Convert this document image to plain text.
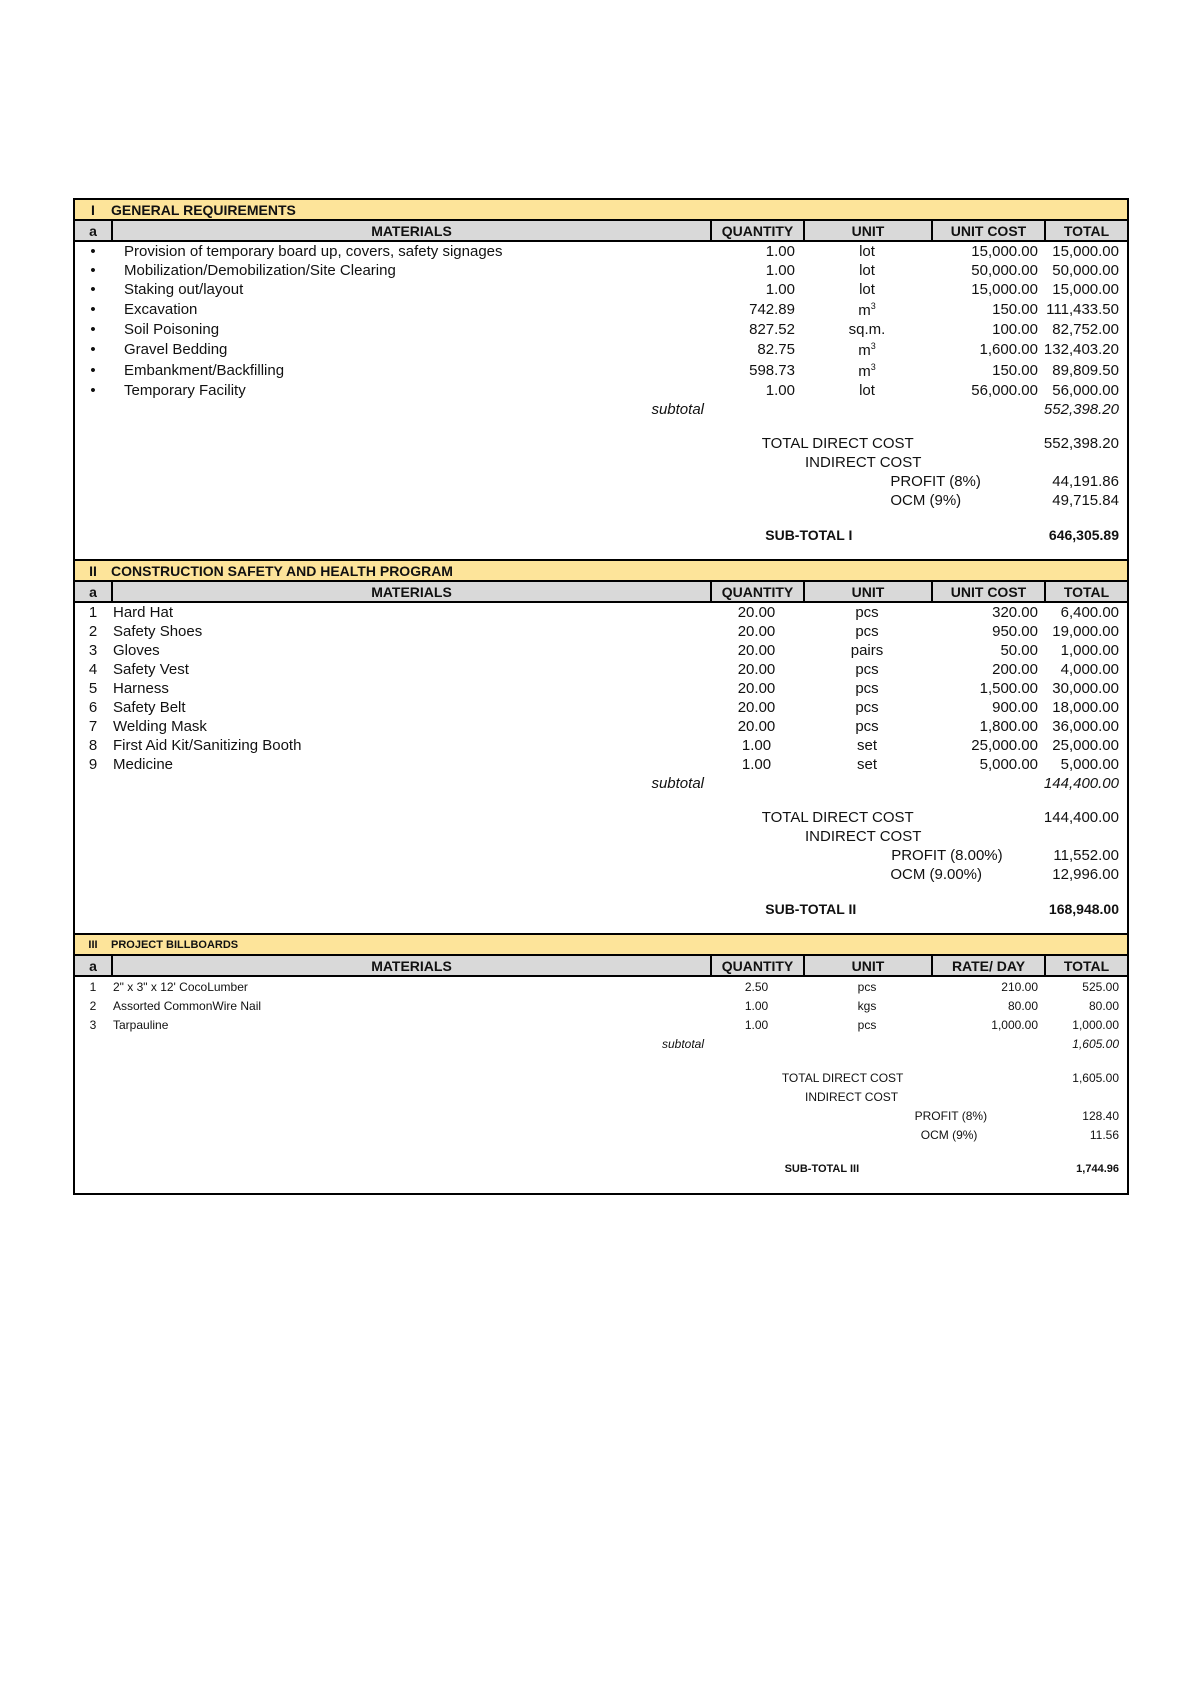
I	GENERAL REQUIREMENTS
a	MATERIALS	QUANTITY	UNIT	UNIT COST	TOTAL
•	Provision of temporary board up, covers, safety signages	1.00	lot	15,000.00 15,000.00
•	Mobilization/Demobilization/Site Clearing	1.00	lot	50,000.00 50,000.00
•	Staking out/layout	1.00	lot	15,000.00 15,000.00
•	Excavation	742.89	$m^3$	150.00 111,433.50
•	Soil Poisoning	827.52	sq.m.	100.00 82,752.00
•	Gravel Bedding	82.75	$m^3$	1,600.00 132,403.20
•	Embankment/Backfilling	598.73	$m^3$	150.00 89,809.50
•	Temporary Facility	1.00	lot	56,000.00 56,000.00
subtotal	552,398.20
TOTAL DIRECT COST	552,398.20
INDIRECT COST
PROFIT (8%)	44,191.86
OCM (9%)	49,715.84
SUB-TOTAL I	646,305.89
II	CONSTRUCTION SAFETY AND HEALTH PROGRAM
a	MATERIALS	QUANTITY	UNIT	UNIT COST	TOTAL
1	Hard Hat	20.00	pcs	320.00	6,400.00
2	Safety Shoes	20.00	pcs	950.00 19,000.00
3	Gloves	20.00	pairs	50.00	1,000.00
4	Safety Vest	20.00	pcs	200.00	4,000.00
5	Harness	20.00	pcs	1,500.00 30,000.00
6	Safety Belt	20.00	pcs	900.00 18,000.00
7	Welding Mask	20.00	pcs	1,800.00 36,000.00
8	First Aid Kit/Sanitizing Booth	1.00	set	25,000.00 25,000.00
9	Medicine	1.00	set	5,000.00	5,000.00
subtotal	144,400.00
TOTAL DIRECT COST	144,400.00
INDIRECT COST
PROFIT (8.00%)	11,552.00
OCM (9.00%)	12,996.00
SUB-TOTAL II	168,948.00
III	PROJECT BILLBOARDS
a	MATERIALS	QUANTITY	UNIT	RATE/ DAY	TOTAL
1	2" x 3" x 12' CocoLumber	2.50	pcs	210.00	525.00
2	Assorted CommonWire Nail	1.00	kgs	80.00	80.00
3	Tarpauline	1.00	pcs	1,000.00	1,000.00
subtotal	1,605.00
TOTAL DIRECT COST	1,605.00
INDIRECT COST
PROFIT (8%)	128.40
OCM (9%)	11.56
SUB-TOTAL III	1,744.96
